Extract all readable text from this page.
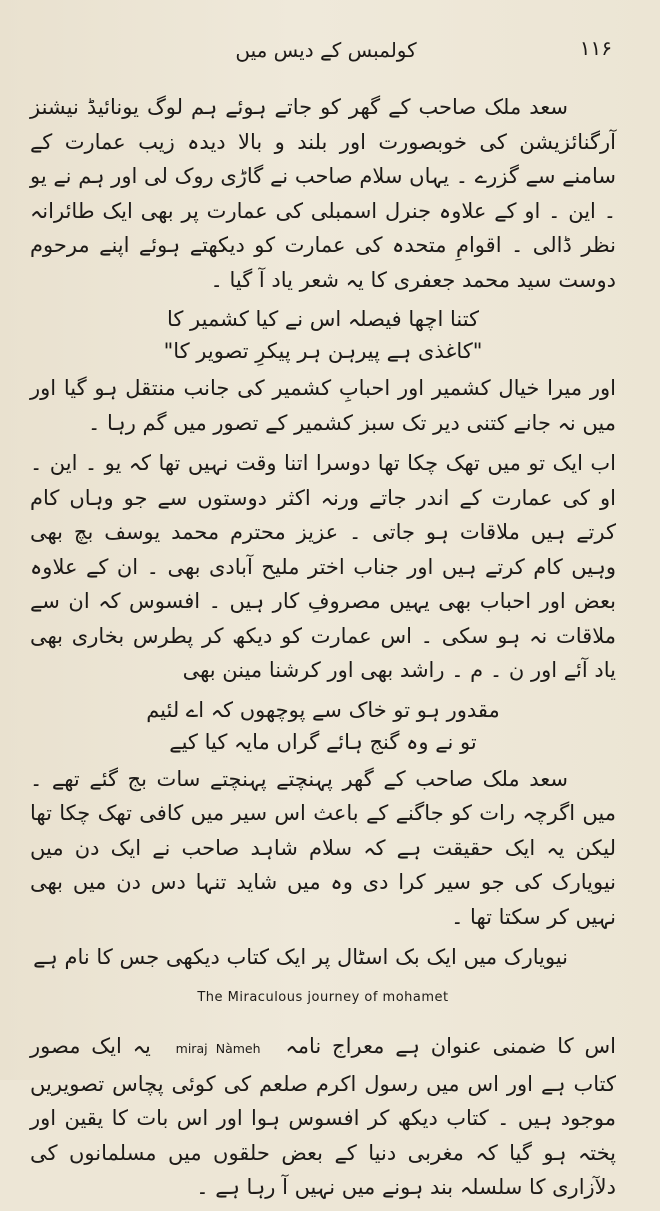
۱۱۶
کولمبس کے دیس میں

سعد ملک صاحب کے گھر کو جاتے ہوئے ہم لوگ یونائیڈ نیشنز آرگنائزیشن کی خوبصورت اور بلند و بالا دیدہ زیب عمارت کے سامنے سے گزرے ۔ یہاں سلام صاحب نے گاڑی روک لی اور ہم نے یو ۔ این ۔ او کے علاوہ جنرل اسمبلی کی عمارت پر بھی ایک طائرانہ نظر ڈالی ۔ اقوامِ متحدہ کی عمارت کو دیکھتے ہوئے اپنے مرحوم دوست سید محمد جعفری کا یہ شعر یاد آ گیا ۔

کتنا اچھا فیصلہ اس نے کیا کشمیر کا
"کاغذی ہے پیرہن ہر پیکرِ تصویر کا"

اور میرا خیال کشمیر اور احبابِ کشمیر کی جانب منتقل ہو گیا اور میں نہ جانے کتنی دیر تک سبز کشمیر کے تصور میں گم رہا ۔

اب ایک تو میں تھک چکا تھا دوسرا اتنا وقت نہیں تھا کہ یو ۔ این ۔ او کی عمارت کے اندر جاتے ورنہ اکثر دوستوں سے جو وہاں کام کرتے ہیں ملاقات ہو جاتی ۔ عزیز محترم محمد یوسف بچ بھی وہیں کام کرتے ہیں اور جناب اختر ملیح آبادی بھی ۔ ان کے علاوہ بعض اور احباب بھی یہیں مصروفِ کار ہیں ۔ افسوس کہ ان سے ملاقات نہ ہو سکی ۔ اس عمارت کو دیکھ کر پطرس بخاری بھی یاد آئے اور ن ۔ م ۔ راشد بھی اور کرشنا مینن بھی

مقدور ہو تو خاک سے پوچھوں کہ اے لئیم
تو نے وہ گنج ہائے گراں مایہ کیا کیے

سعد ملک صاحب کے گھر پہنچتے پہنچتے سات بج گئے تھے ۔ میں اگرچہ رات کو جاگنے کے باعث اس سیر میں کافی تھک چکا تھا لیکن یہ ایک حقیقت ہے کہ سلام شاہد صاحب نے ایک دن میں نیویارک کی جو سیر کرا دی وہ میں شاید تنہا دس دن میں بھی نہیں کر سکتا تھا ۔

نیویارک میں ایک بک اسٹال پر ایک کتاب دیکھی جس کا نام ہے

The Miraculous journey of mohamet

اس کا ضمنی عنوان ہے معراج نامہ miraj Nàmeh یہ ایک مصور کتاب ہے اور اس میں رسول اکرم صلعم کی کوئی پچاس تصویریں موجود ہیں ۔ کتاب دیکھ کر افسوس ہوا اور اس بات کا یقین اور پختہ ہو گیا کہ مغربی دنیا کے بعض حلقوں میں مسلمانوں کی دلآزاری کا سلسلہ بند ہونے میں نہیں آ رہا ہے ۔
